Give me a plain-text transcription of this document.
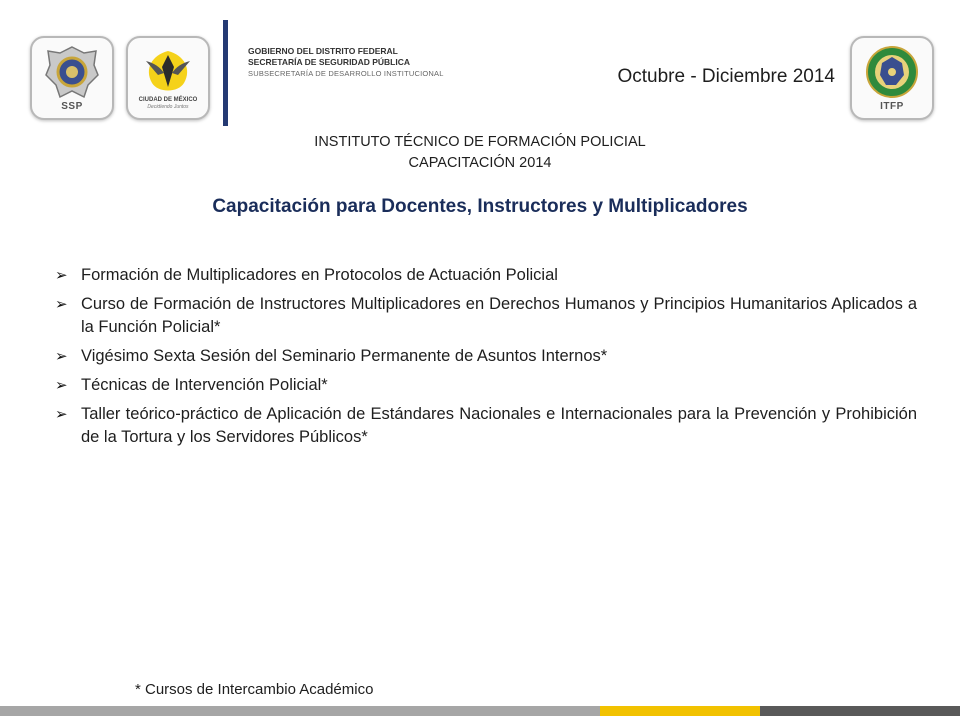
SSP
CIUDAD DE MÉXICO
Decidiendo Juntos
GOBIERNO DEL DISTRITO FEDERAL
SECRETARÍA DE SEGURIDAD PÚBLICA
SUBSECRETARÍA DE DESARROLLO INSTITUCIONAL	Octubre - Diciembre 2014
ITFP
INSTITUTO TÉCNICO DE FORMACIÓN POLICIAL
CAPACITACIÓN 2014
Capacitación para Docentes, Instructores y Multiplicadores
➢ Formación de Multiplicadores en Protocolos de Actuación Policial
➢ Curso de Formación de Instructores Multiplicadores en Derechos Humanos y Principios Humanitarios Aplicados a la Función Policial*
➢ Vigésimo Sexta Sesión del Seminario Permanente de Asuntos Internos*
➢ Técnicas de Intervención Policial*
➢ Taller teórico-práctico de Aplicación de Estándares Nacionales e Internacionales para la Prevención y Prohibición de la Tortura y los Servidores Públicos*
* Cursos de Intercambio Académico
